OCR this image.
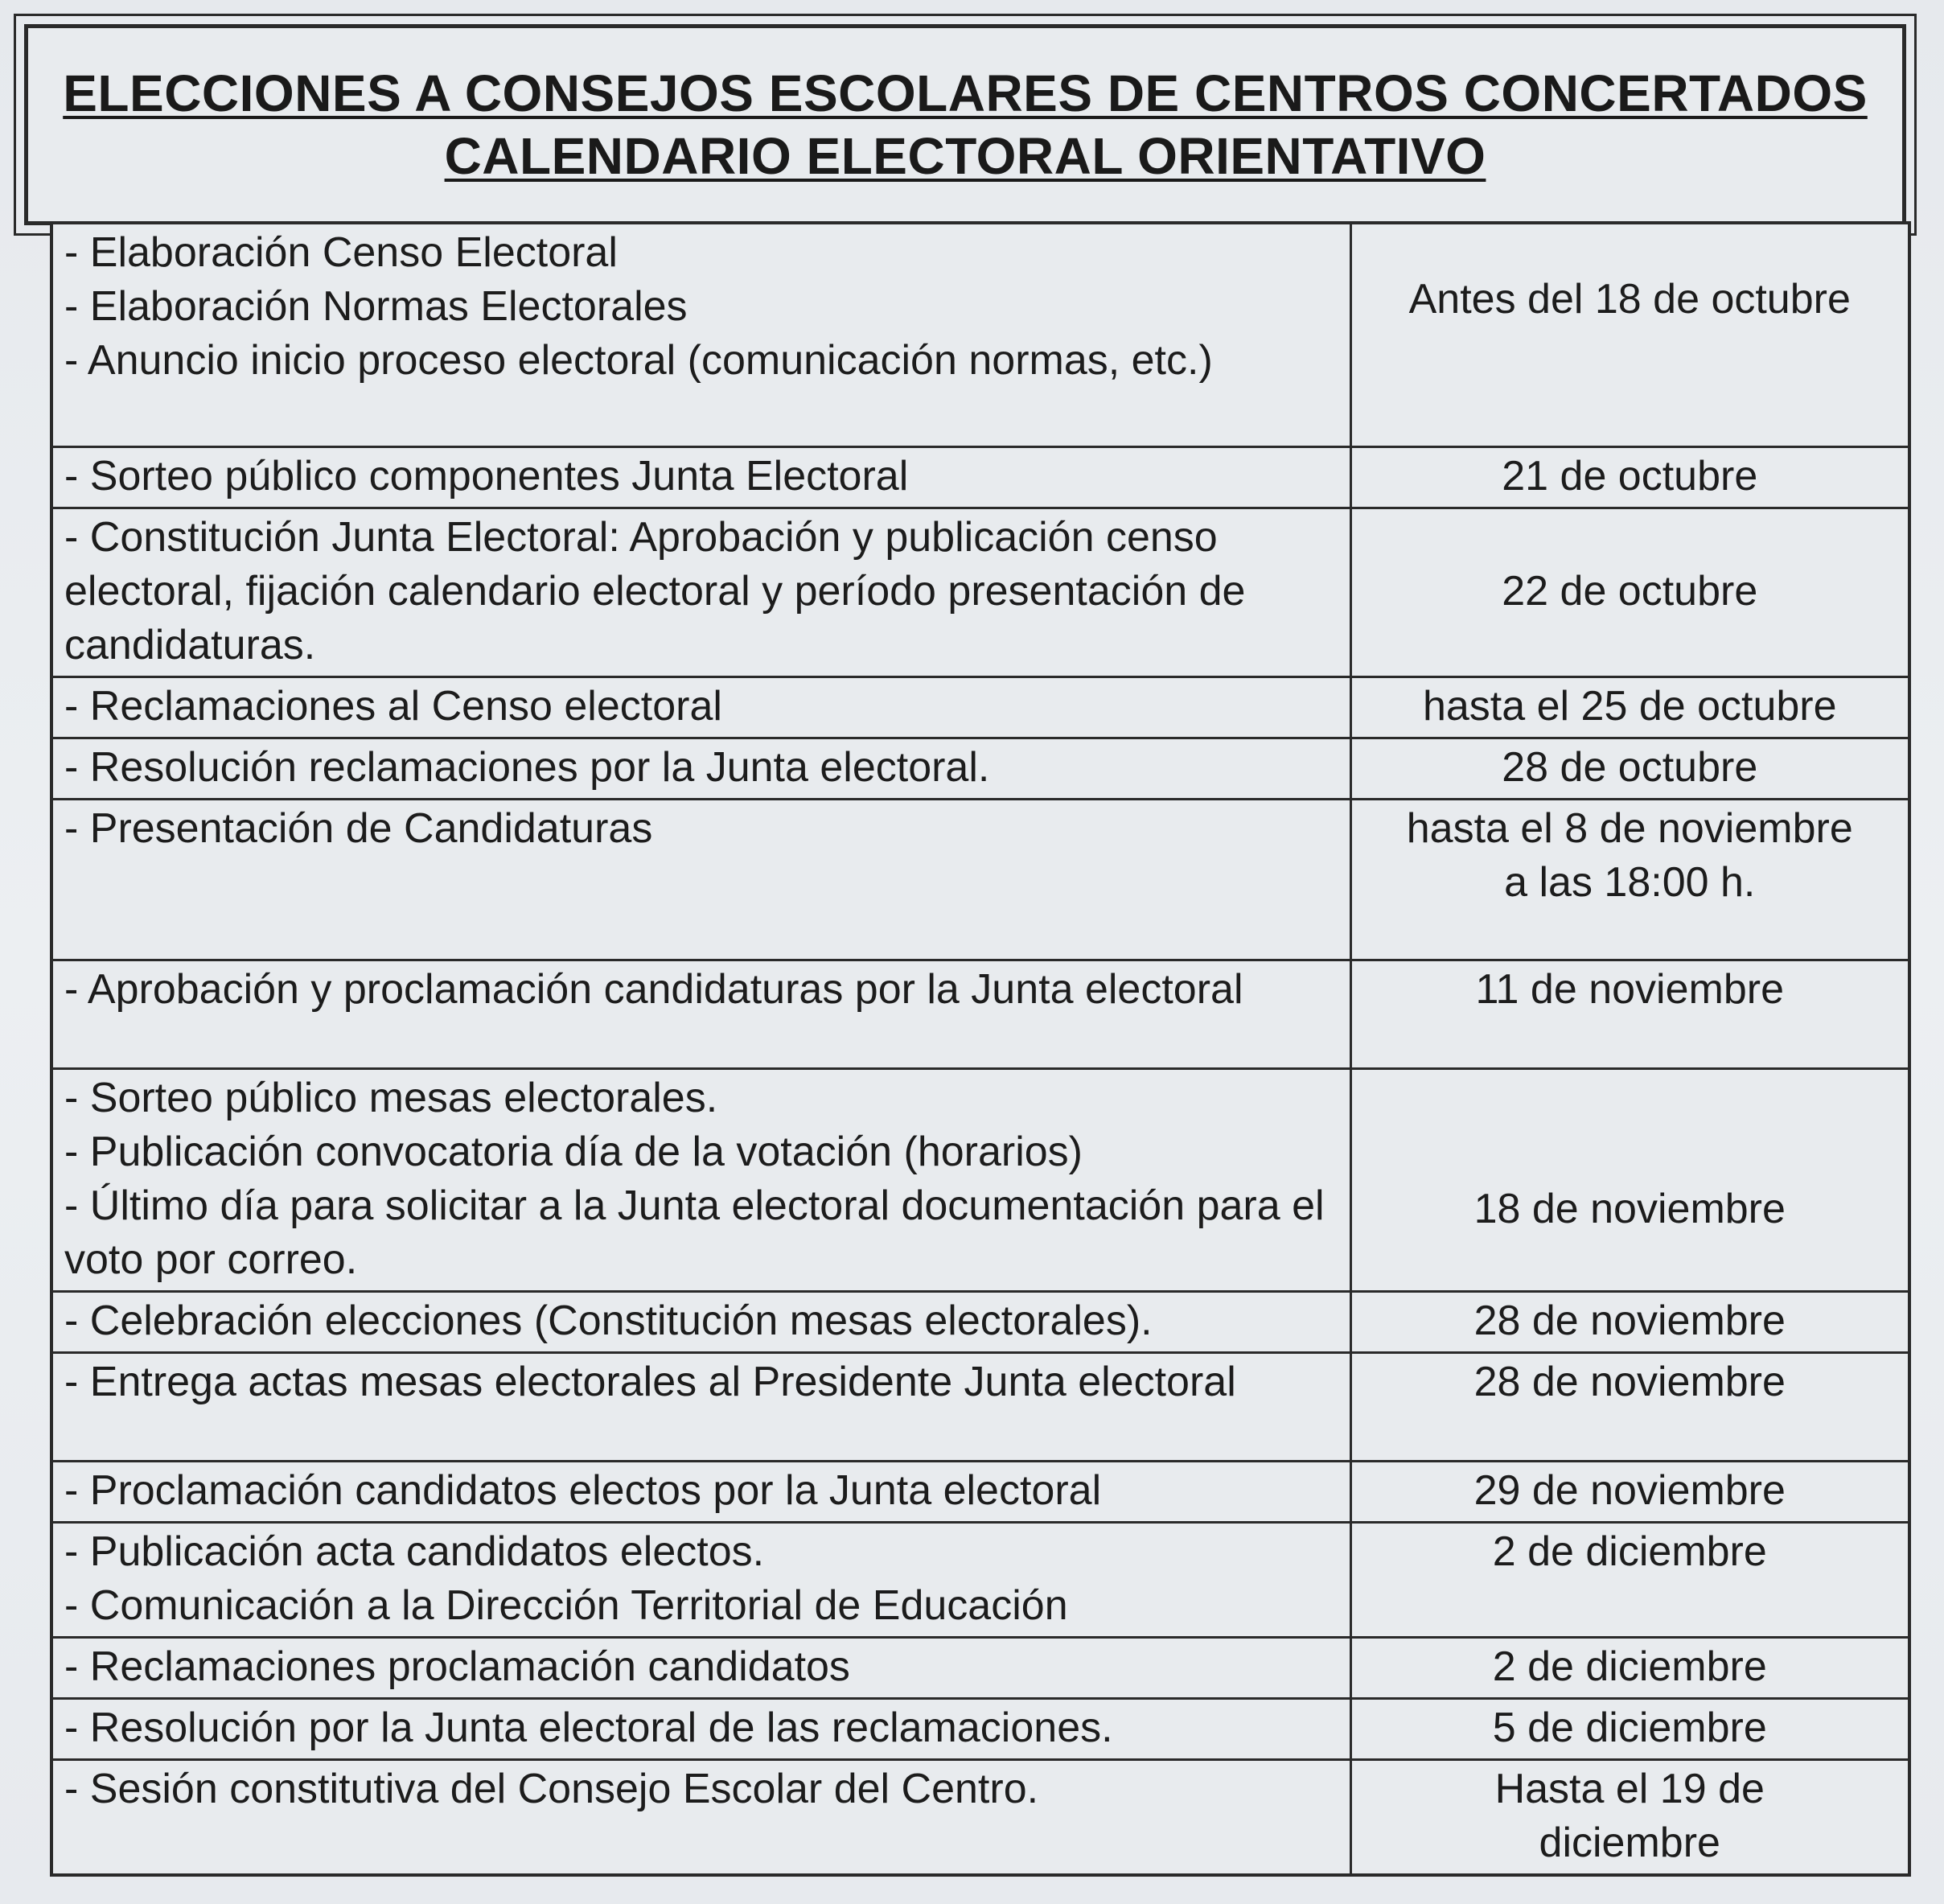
ELECCIONES A CONSEJOS ESCOLARES DE CENTROS CONCERTADOS
CALENDARIO ELECTORAL ORIENTATIVO
- Elaboración Censo Electoral
- Elaboración Normas Electorales
- Anuncio inicio proceso electoral (comunicación normas, etc.)	Antes del 18 de octubre

- Sorteo público componentes Junta Electoral	21 de octubre

- Constitución Junta Electoral: Aprobación y publicación censo electoral, fijación calendario electoral y período presentación de candidaturas.	22 de octubre

- Reclamaciones al Censo electoral	hasta el 25 de octubre

- Resolución reclamaciones por la Junta electoral.	28 de octubre

- Presentación de Candidaturas	hasta el 8 de noviembre a las 18:00 h.

- Aprobación y proclamación candidaturas por la Junta electoral	11 de noviembre

- Sorteo público mesas electorales.
- Publicación convocatoria día de la votación (horarios)
- Último día para solicitar a la Junta electoral documentación para el voto por correo.	18 de noviembre

- Celebración elecciones (Constitución mesas electorales).	28 de noviembre

- Entrega actas mesas electorales al Presidente Junta electoral	28 de noviembre

- Proclamación candidatos electos por la Junta electoral	29 de noviembre

- Publicación acta candidatos electos.
- Comunicación a la Dirección Territorial de Educación	2 de diciembre

- Reclamaciones proclamación candidatos	2 de diciembre

- Resolución por la Junta electoral de las reclamaciones.	5 de diciembre

- Sesión constitutiva del Consejo Escolar del Centro.	Hasta el 19 de diciembre
